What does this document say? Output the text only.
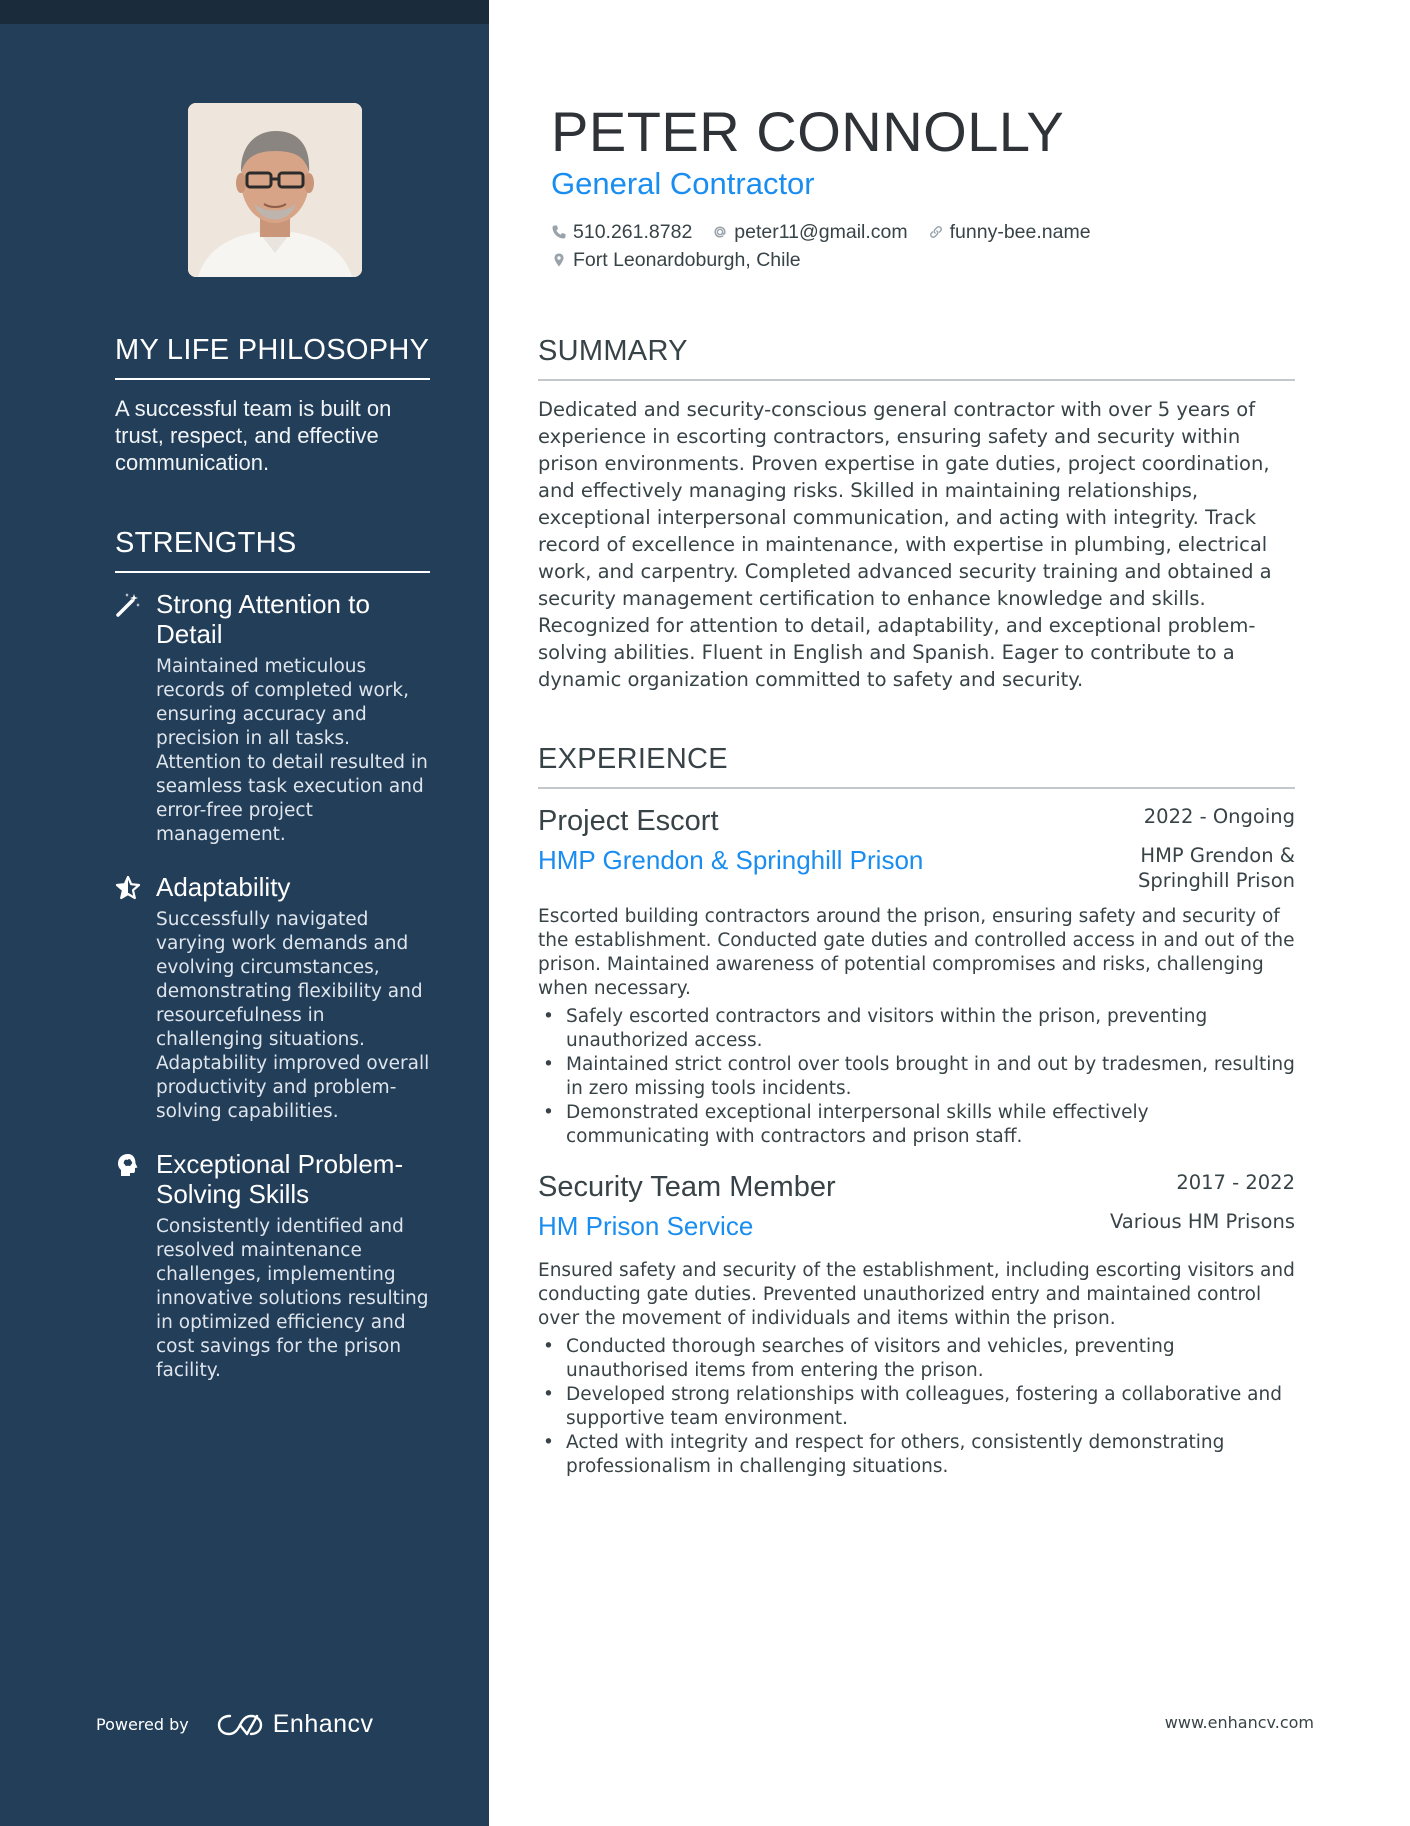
MY LIFE PHILOSOPHY
A successful team is built on trust, respect, and effective communication.
STRENGTHS
Strong Attention to Detail
Maintained meticulous records of completed work, ensuring accuracy and precision in all tasks. Attention to detail resulted in seamless task execution and error-free project management.
Adaptability
Successfully navigated varying work demands and evolving circumstances, demonstrating flexibility and resourcefulness in challenging situations. Adaptability improved overall productivity and problem-solving capabilities.
Exceptional Problem-Solving Skills
Consistently identified and resolved maintenance challenges, implementing innovative solutions resulting in optimized efficiency and cost savings for the prison facility.
Powered by	Enhancv
PETER CONNOLLY
General Contractor
510.261.8782 peter11@gmail.com funny-bee.name
Fort Leonardoburgh, Chile
SUMMARY
Dedicated and security-conscious general contractor with over 5 years of experience in escorting contractors, ensuring safety and security within prison environments. Proven expertise in gate duties, project coordination, and effectively managing risks. Skilled in maintaining relationships, exceptional interpersonal communication, and acting with integrity. Track record of excellence in maintenance, with expertise in plumbing, electrical work, and carpentry. Completed advanced security training and obtained a security management certification to enhance knowledge and skills. Recognized for attention to detail, adaptability, and exceptional problem-solving abilities. Fluent in English and Spanish. Eager to contribute to a dynamic organization committed to safety and security.
EXPERIENCE
Project Escort	2022 - Ongoing
HMP Grendon & Springhill Prison	HMP Grendon & Springhill Prison
Escorted building contractors around the prison, ensuring safety and security of the establishment. Conducted gate duties and controlled access in and out of the prison. Maintained awareness of potential compromises and risks, challenging when necessary.
• Safely escorted contractors and visitors within the prison, preventing unauthorized access.
• Maintained strict control over tools brought in and out by tradesmen, resulting in zero missing tools incidents.
• Demonstrated exceptional interpersonal skills while effectively communicating with contractors and prison staff.
Security Team Member	2017 - 2022
HM Prison Service	Various HM Prisons
Ensured safety and security of the establishment, including escorting visitors and conducting gate duties. Prevented unauthorized entry and maintained control over the movement of individuals and items within the prison.
• Conducted thorough searches of visitors and vehicles, preventing unauthorised items from entering the prison.
• Developed strong relationships with colleagues, fostering a collaborative and supportive team environment.
• Acted with integrity and respect for others, consistently demonstrating professionalism in challenging situations.
www.enhancv.com
